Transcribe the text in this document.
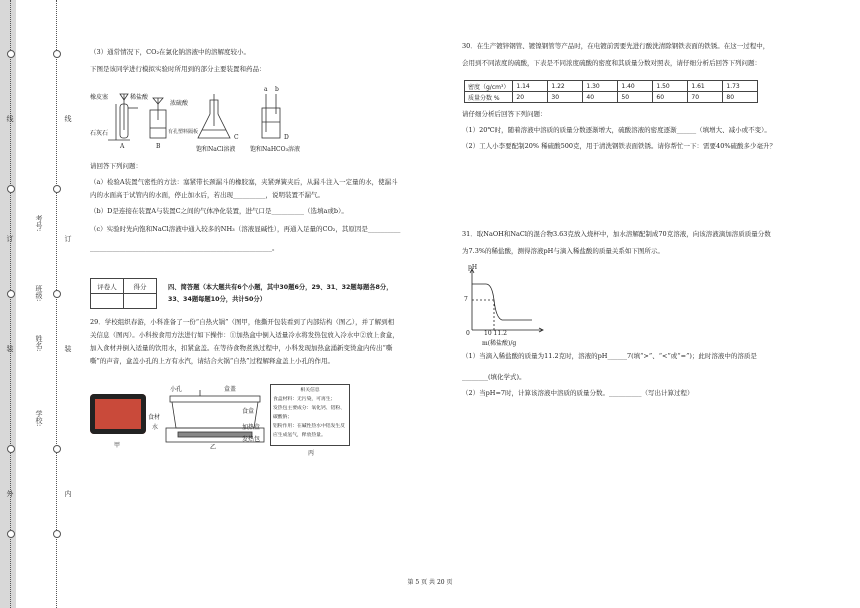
外
装
订
线
内
装
订
线
学校:
姓名:
班级:
考号:

（3）通常情况下，CO₂在氯化钠溶液中的溶解度较小。

下图是该同学进行模拟实验时所用到的部分主要装置和药品：

橡皮塞	稀盐酸
石灰石
浓硫酸
有孔塑料隔板
饱和NaCl溶液 饱和NaHCO₃溶液
A	B
C	D
a b

请回答下列问题：

（a）检验A装置气密性的方法：塞紧带长颈漏斗的橡胶塞，夹紧弹簧夹后，从漏斗注入一定量的水，使漏斗

内的水面高于试管内的水面，停止加水后，若出现__________，说明装置不漏气。

（b）D是连接在装置A与装置C之间的气体净化装置，进气口是__________（选填a或b）。

（c）实验时先向饱和NaCl溶液中通入较多的NH₃（溶液显碱性），再通入足量的CO₂，其原因是__________

________________________________________________________。

评卷人	得分
		四、简答题（本大题共有6个小题，其中30题6分，29、31、32题每题各8分，

33、34题每题10分，共计50分）

29．学校组织春游，小科准备了一份“自热火锅”（图甲，他撕开包装看到了内部结构（图乙），并了解到相

关信息（图丙）。小科按食用方法进行如下操作：①加热盒中倒入适量冷水将发热包放入冷水中②放上食盒，

加入食材并倒入适量的饮用水，扣紧盒盖。在等待食物煮熟过程中，小科发现加热盒涌新变烫盒内传出“嘶

嘶”的声音，盒盖小孔的上方有水汽，请结合火锅“自热”过程解释盒盖上小孔的作用。

甲
小孔	盒盖
食材
水
食盒
加热盒
发热包
乙
相关信息
食盒材料：无污染，可再生；
发热包主要成分：氧化钙、铝粉、
碳酸钠；
铝粉作用：在碱性热水中铝发生反
应生成氢气，释放热量。
丙

30．在生产镀锌钢管、镀镍钢管等产品时，在电镀前需要先进行酸洗清除钢铁表面的铁锈。在这一过程中，

会用到不同浓度的硫酸，下表是不同浓度硫酸的密度和其质量分数对照表，请仔细分析后回答下列问题：

密度（g/cm³）	1.14	1.22	1.30	1.40	1.50	1.61	1.73
质量分数 %	20	30	40	50	60	70	80

请仔细分析后回答下列问题：

（1）20℃时，随着溶液中溶质的质量分数逐渐增大，硫酸溶液的密度逐渐______（填增大、减小或不变）。

（2）工人小李要配制20% 稀硫酸500克，用于清洗钢铁表面铁锈。请你帮忙一下：需要40%硫酸多少毫升？

31．取NaOH和NaCl的混合物3.63克放入烧杯中，加水溶解配制成70克溶液，向该溶液滴加溶质质量分数

为7.3%的稀盐酸，测得溶液pH与滴入稀盐酸的质量关系如下图所示。

pH
7
0 10 11.2
m(稀盐酸)/g

（1）当滴入稀盐酸的质量为11.2克时，溶液的pH______7(填“>”、“<”或“=”)；此时溶液中的溶质是

________(填化学式)。

（2）当pH=7时，计算该溶液中溶质的质量分数。__________（写出计算过程）

第 5 页 共 20 页
